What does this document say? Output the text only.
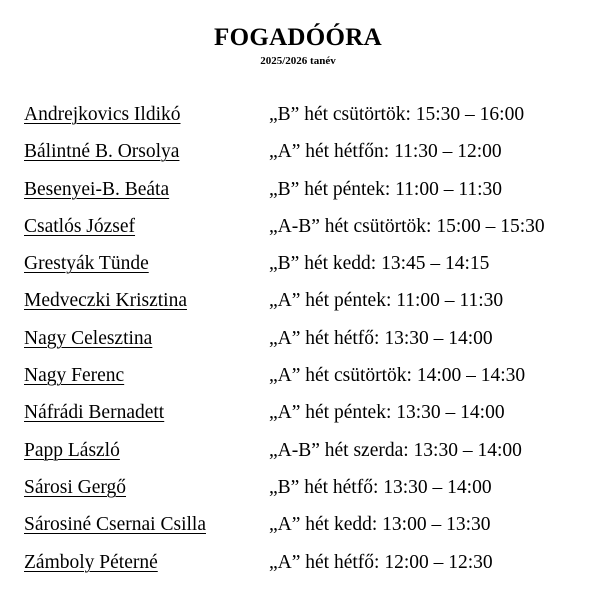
FOGADÓÓRA
2025/2026 tanév
Andrejkovics Ildikó	„B” hét csütörtök: 15:30 – 16:00
Bálintné B. Orsolya	„A” hét hétfőn: 11:30 – 12:00
Besenyei-B. Beáta	„B” hét péntek: 11:00 – 11:30
Csatlós József	„A-B” hét csütörtök: 15:00 – 15:30
Grestyák Tünde	„B” hét kedd: 13:45 – 14:15
Medveczki Krisztina	„A” hét péntek: 11:00 – 11:30
Nagy Celesztina	„A” hét hétfő: 13:30 – 14:00
Nagy Ferenc	„A” hét csütörtök: 14:00 – 14:30
Náfrádi Bernadett	„A” hét péntek: 13:30 – 14:00
Papp László	„A-B” hét szerda: 13:30 – 14:00
Sárosi Gergő	„B” hét hétfő: 13:30 – 14:00
Sárosiné Csernai Csilla	„A” hét kedd: 13:00 – 13:30
Zámboly Péterné	„A” hét hétfő: 12:00 – 12:30
